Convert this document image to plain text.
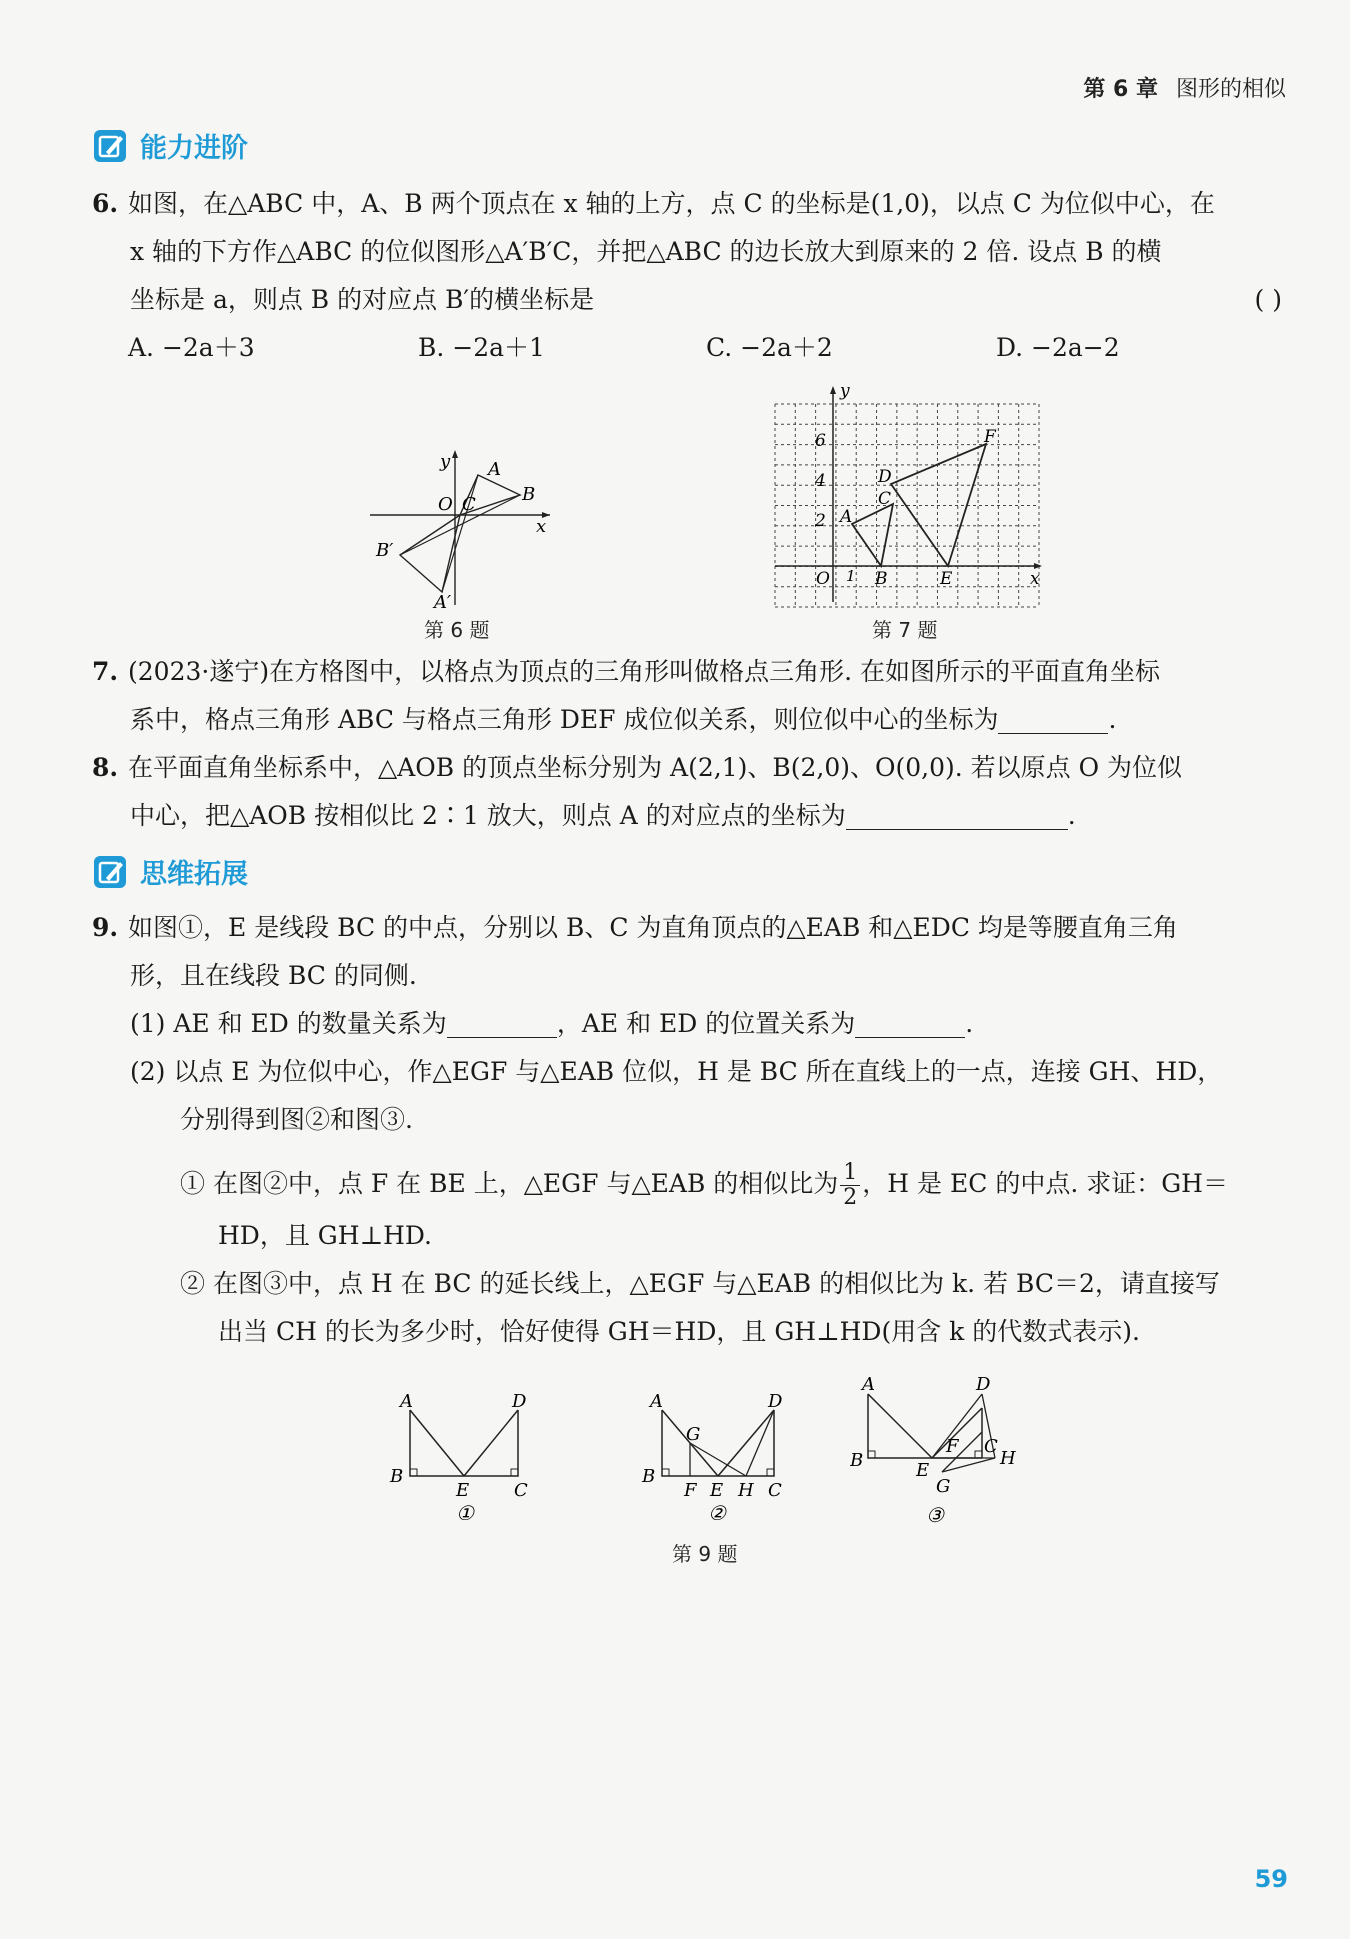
第 6 章 图形的相似
能力进阶
6. 如图，在△ABC 中，A、B 两个顶点在 x 轴的上方，点 C 的坐标是(1,0)，以点 C 为位似中心，在
x 轴的下方作△ABC 的位似图形△A′B′C，并把△ABC 的边长放大到原来的 2 倍. 设点 B 的横
坐标是 a，则点 B 的对应点 B′的横坐标是	( )
A. −2a＋3	B. −2a＋1	C. −2a＋2	D. −2a−2
y A
B
O C
x
B′
A′
第 6 题
y
6
4
2
O 1
A
B
C
D
E
F
x
第 7 题
7. (2023·遂宁)在方格图中，以格点为顶点的三角形叫做格点三角形. 在如图所示的平面直角坐标
系中，格点三角形 ABC 与格点三角形 DEF 成位似关系，则位似中心的坐标为	.
8. 在平面直角坐标系中，△AOB 的顶点坐标分别为 A(2,1)、B(2,0)、O(0,0). 若以原点 O 为位似
中心，把△AOB 按相似比 2∶1 放大，则点 A 的对应点的坐标为	.
思维拓展
9. 如图①，E 是线段 BC 的中点，分别以 B、C 为直角顶点的△EAB 和△EDC 均是等腰直角三角
形，且在线段 BC 的同侧.
(1) AE 和 ED 的数量关系为	，AE 和 ED 的位置关系为	.
(2) 以点 E 为位似中心，作△EGF 与△EAB 位似，H 是 BC 所在直线上的一点，连接 GH、HD，
分别得到图②和图③.
① 在图②中，点 F 在 BE 上，△EGF 与△EAB 的相似比为 $\frac{1}{2}$ ，H 是 EC 的中点. 求证：GH＝
HD，且 GH⊥HD.
② 在图③中，点 H 在 BC 的延长线上，△EGF 与△EAB 的相似比为 k. 若 BC＝2，请直接写
出当 CH 的长为多少时，恰好使得 GH＝HD，且 GH⊥HD(用含 k 的代数式表示).
A	D
B
E C
①
A	D
B
G
F E H C
②
A	D
B	E
F C
H
G
③
第 9 题
59
